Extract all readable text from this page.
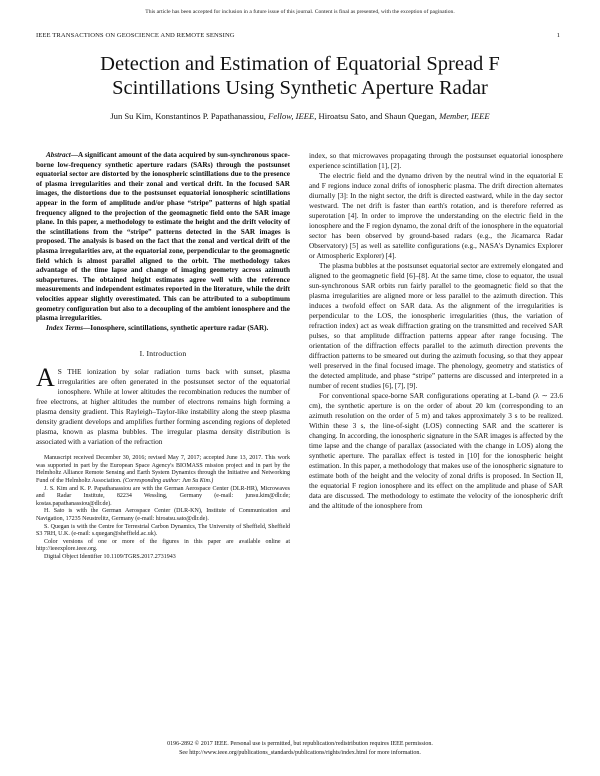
This article has been accepted for inclusion in a future issue of this journal. Content is final as presented, with the exception of pagination.
IEEE TRANSACTIONS ON GEOSCIENCE AND REMOTE SENSING	1
Detection and Estimation of Equatorial Spread F
Scintillations Using Synthetic Aperture Radar
Jun Su Kim, Konstantinos P. Papathanassiou, Fellow, IEEE, Hiroatsu Sato, and Shaun Quegan, Member, IEEE

Abstract—A significant amount of the data acquired by sun-synchronous space-borne low-frequency synthetic aperture radars (SARs) through the postsunset equatorial sector are distorted by the ionospheric scintillations due to the presence of plasma irregularities and their zonal and vertical drift. In the focused SAR images, the distortions due to the postsunset equatorial ionospheric scintillations appear in the form of amplitude and/or phase “stripe” patterns of high spatial frequency aligned to the projection of the geomagnetic field onto the SAR image plane. In this paper, a methodology to estimate the height and the drift velocity of the scintillations from the “stripe” patterns detected in the SAR images is proposed. The analysis is based on the fact that the zonal and vertical drift of the plasma irregularities are, at the equatorial zone, perpendicular to the geomagnetic field which is almost parallel aligned to the orbit. The methodology takes advantage of the time lapse and change of imaging geometry across azimuth subapertures. The obtained height estimates agree well with the reference measurements and independent estimates reported in the literature, while the drift velocities appear slightly overestimated. This can be attributed to a suboptimum geometry configuration but also to a decoupling of the ambient ionosphere and the plasma irregularities.

Index Terms—Ionosphere, scintillations, synthetic aperture radar (SAR).

I. Introduction

A S THE ionization by solar radiation turns back with sunset, plasma irregularities are often generated in the postsunset sector of the equatorial ionosphere. While at lower altitudes the recombination reduces the number of free electrons, at higher altitudes the number of electrons remains high forming a plasma density gradient. This Rayleigh–Taylor-like instability along the steep plasma density gradient develops and amplifies further forming ascending regions of depleted plasma, known as plasma bubbles. The irregular plasma density distribution is associated with a variation of the refraction

Manuscript received December 30, 2016; revised May 7, 2017; accepted June 13, 2017. This work was supported in part by the European Space Agency's BIOMASS mission project and in part by the Helmholtz Alliance Remote Sensing and Earth System Dynamics through the Initiative and Networking Fund of the Helmholtz Association. (Corresponding author: Jun Su Kim.)

J. S. Kim and K. P. Papathanassiou are with the German Aerospace Center (DLR-HR), Microwaves and Radar Institute, 82234 Wessling, Germany (e-mail: junsu.kim@dlr.de; kostas.papathanassiou@dlr.de).

H. Sato is with the German Aerospace Center (DLR-KN), Institute of Communication and Navigation, 17235 Neustrelitz, Germany (e-mail: hiroatsu.sato@dlr.de).

S. Quegan is with the Centre for Terrestrial Carbon Dynamics, The University of Sheffield, Sheffield S3 7RH, U.K. (e-mail: s.quegan@sheffield.ac.uk).

Color versions of one or more of the figures in this paper are available online at http://ieeexplore.ieee.org.

Digital Object Identifier 10.1109/TGRS.2017.2731943

index, so that microwaves propagating through the postsunset equatorial ionosphere experience scintillation [1], [2].

The electric field and the dynamo driven by the neutral wind in the equatorial E and F regions induce zonal drifts of ionospheric plasma. The drift direction alternates diurnally [3]: In the night sector, the drift is directed eastward, while in the day sector westward. The net drift is faster than earth's rotation, and is therefore referred as superotation [4]. In order to improve the understanding on the electric field in the ionosphere and the F region dynamo, the zonal drift of the ionosphere in the equatorial sector has been observed by ground-based radars (e.g., the Jicamarca Radar Observatory) [5] as well as satellite configurations (e.g., NASA's Dynamics Explorer or Atmospheric Explorer) [4].

The plasma bubbles at the postsunset equatorial sector are extremely elongated and aligned to the geomagnetic field [6]–[8]. At the same time, close to equator, the usual sun-synchronous SAR orbits run fairly parallel to the geomagnetic field so that the plasma irregularities are aligned more or less parallel to the azimuth direction. This induces a twofold effect on SAR data. As the alignment of the irregularities is perpendicular to the LOS, the ionospheric irregularities (thus, the variation of refraction index) act as weak diffraction grating on the transmitted and received SAR pulses, so that amplitude diffraction patterns appear after range focusing. The orientation of the diffraction effects parallel to the azimuth direction prevents the diffraction patterns to be smeared out during the azimuth focusing, so that they appear well preserved in the final focused image. The phenology, geometry and statistics of the detected amplitude, and phase “stripe” patterns are discussed and interpreted in a number of recent studies [6], [7], [9].

For conventional space-borne SAR configurations operating at L-band (λ ∼ 23.6 cm), the synthetic aperture is on the order of about 20 km (corresponding to an azimuth resolution on the order of 5 m) and takes approximately 3 s to be realized. Within these 3 s, the line-of-sight (LOS) connecting SAR and the scatterer is changing. In according, the ionospheric signature in the SAR images is affected by the time lapse and the change of parallax (associated with the change in LOS) along the synthetic aperture. The parallax effect is tested in [10] for the ionospheric height estimation. In this paper, a methodology that makes use of the ionospheric signature to estimate both of the height and the velocity of zonal drifts is proposed. In Section II, the equatorial F region ionosphere and its effect on the amplitude and phase of SAR data are discussed. The methodology to estimate the velocity of the ionospheric drift and the altitude of the ionosphere from

0196-2892 © 2017 IEEE. Personal use is permitted, but republication/redistribution requires IEEE permission.
See http://www.ieee.org/publications_standards/publications/rights/index.html for more information.
